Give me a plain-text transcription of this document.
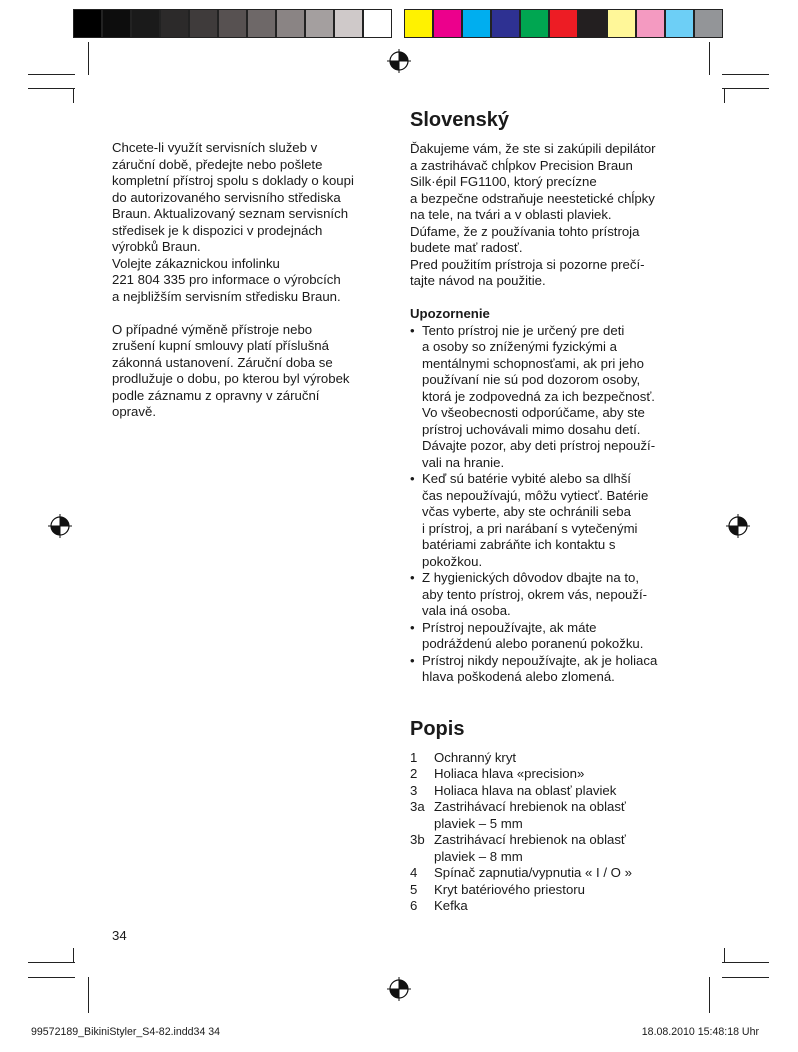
Chcete-li využít servisních služeb v
záruční době, předejte nebo pošlete
kompletní přístroj spolu s doklady o koupi
do autorizovaného servisního střediska
Braun. Aktualizovaný seznam servisních
středisek je k dispozici v prodejnách
výrobků Braun.
Volejte zákaznickou infolinku
221 804 335 pro informace o výrobcích
a nejbližším servisním středisku Braun.

O případné výměně přístroje nebo
zrušení kupní smlouvy platí příslušná
zákonná ustanovení. Záruční doba se
prodlužuje o dobu, po kterou byl výrobek
podle záznamu z opravny v záruční
opravě.

Slovenský

Ďakujeme vám, že ste si zakúpili depilátor
a zastrihávač chĺpkov Precision Braun
Silk·épil FG1100, ktorý precízne
a bezpečne odstraňuje neestetické chĺpky
na tele, na tvári a v oblasti plaviek.
Dúfame, že z používania tohto prístroja
budete mať radosť.
Pred použitím prístroja si pozorne prečí-
tajte návod na použitie.

Upozornenie
• Tento prístroj nie je určený pre deti
a osoby so zníženými fyzickými a
mentálnymi schopnosťami, ak pri jeho
používaní nie sú pod dozorom osoby,
ktorá je zodpovedná za ich bezpečnosť.
Vo všeobecnosti odporúčame, aby ste
prístroj uchovávali mimo dosahu detí.
Dávajte pozor, aby deti prístroj nepouží-
vali na hranie.
• Keď sú batérie vybité alebo sa dlhší
čas nepoužívajú, môžu vytiecť. Batérie
včas vyberte, aby ste ochránili seba
i prístroj, a pri narábaní s vytečenými
batériami zabráňte ich kontaktu s
pokožkou.
• Z hygienických dôvodov dbajte na to,
aby tento prístroj, okrem vás, nepouží-
vala iná osoba.
• Prístroj nepoužívajte, ak máte
podráždenú alebo poranenú pokožku.
• Prístroj nikdy nepoužívajte, ak je holiaca
hlava poškodená alebo zlomená.
Popis
1	Ochranný kryt
2	Holiaca hlava «precision»
3	Holiaca hlava na oblasť plaviek
3a Zastrihávací hrebienok na oblasť
plaviek – 5 mm
3b Zastrihávací hrebienok na oblasť
plaviek – 8 mm
4	Spínač zapnutia/vypnutia « I / O »
5	Kryt batériového priestoru
6	Kefka
34
99572189_BikiniStyler_S4-82.indd34 34	18.08.2010 15:48:18 Uhr
